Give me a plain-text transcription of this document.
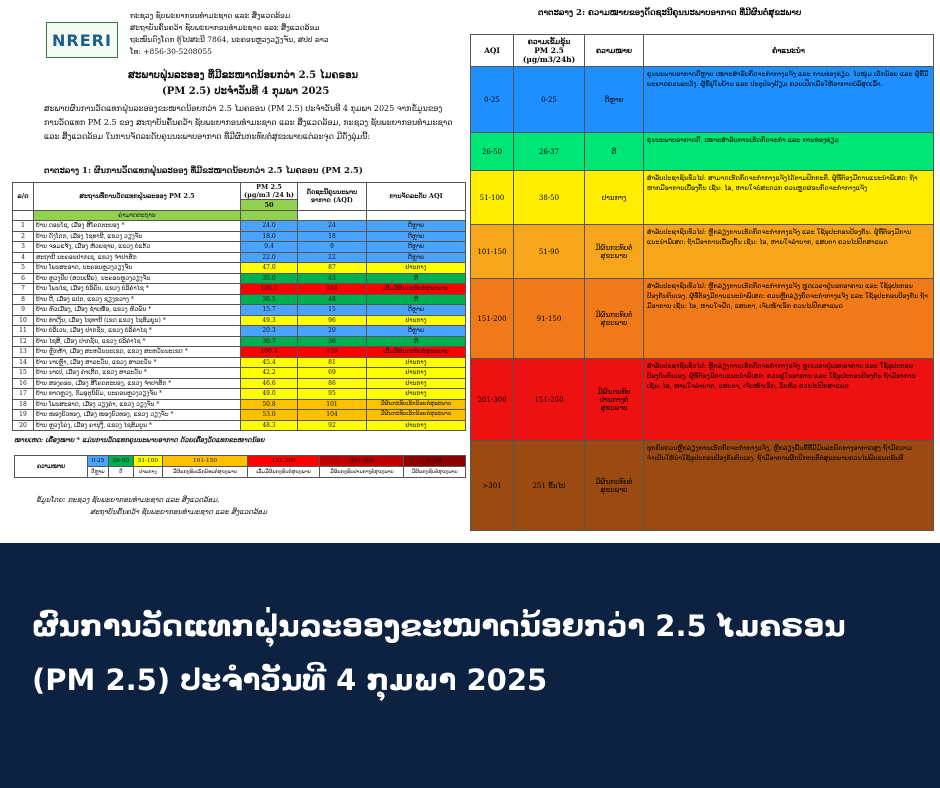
NRERI
ກະຊວງ ຊັບພະຍາກອນທຳມະຊາດ ແລະ ສິ່ງແວດລ້ອມ
ສະຖາບັນຄົ້ນຄວ້າ ຊັບພະຍາກອນທຳມະຊາດ ແລະ ສິ່ງແວດລ້ອມ
ຖະໜົນດົງໂດກ ຕູ້ໄປສະນີ 7864, ນະຄອນຫຼວງວຽງຈັນ, ສປປ ລາວ
ໂທ: +856-30-5208055
ສະພາບຝຸ່ນລະອອງ ທີ່ມີຂະໜາດນ້ອຍກວ່າ 2.5 ໄມຄຣອນ
(PM 2.5) ປະຈຳວັນທີ 4 ກຸມພາ 2025
ສະພາບຜົນການວັດແທກຝຸ່ນລະອອງຂະໜາດນ້ອຍກວ່າ 2.5 ໄມຄຣອນ (PM 2.5) ປະຈຳວັນທີ 4 ກຸມພາ 2025 ຈາກຂໍ້ມູນຂອງ ການວັດແທກ PM 2.5 ຂອງ ສະຖາບັນຄົ້ນຄວ້າ ຊັບພະຍາກອນທຳມະຊາດ ແລະ ສິ່ງແວດລ້ອມ, ກະຊວງ ຊັບພະຍາກອນທຳມະຊາດ ແລະ ສິ່ງແວດລ້ອມ ໃນການຈັດລະດັບຄຸນນະພາບອາກາດ ທີ່ມີຜົນກະທົບຕໍ່ສຸຂະພາບແຕ່ລະຈຸດ ມີດັ່ງລຸ່ມນີ້:
ຕາຕະລາງ 1: ຜົນການວັດແທກຝຸ່ນລະອອງ ທີ່ມີຂະໜາດນ້ອຍກວ່າ 2.5 ໄມຄຣອນ (PM 2.5)
ລ/ດ	ສະຖານທີ່ການວັດແທກຝຸ່ນລະອອງ PM 2.5	PM 2.5
(µg/m3 /24 h)	ດັດຊະນີຄຸນນະພາບອາກາດ (AQI)	ການຈັດລະດັບ AQI
		50		
	ຄ່າມາດຕະຖານ			
1	ບ້ານ ດອນໂຊ, ເມືອງ ສີໂຄດຕະບອງ *	24.0	24	ດີຫຼາຍ
2	ບ້ານ ດົງໂດກ, ເມືອງ ໄຊທານີ, ແຂວງ ວຽງຈັນ	18.0	18	ດີຫຼາຍ
3	ບ້ານ ຈອມແຈ້ງ, ເມືອງ ຫ້ວຍຊາຍ, ແຂວງ ບໍ່ແກ້ວ	9.4	9	ດີຫຼາຍ
4	ສະຖານີ ນະຄອນປາກເຊ, ແຂວງ ຈຳປາສັກ	22.0	22	ດີຫຼາຍ
5	ບ້ານ ໂພນສະອາດ, ນະຄອນຫຼວງວຽງຈັນ	47.0	87	ປານກາງ
6	ບ້ານ ຫຼວງປັບ (ສວນເພີ້ຍ), ນະຄອນຫຼວງວຽງຈັນ	35.0	43	ດີ
7	ບ້ານ ໂພນໄຊ, ເມືອງ ບໍລິຄັນ, ແຂວງ ບໍລິຄຳໄຊ *	106.5	164	ເລີ່ມມີຜົນກະທົບຕໍ່ສຸຂະພາບ
8	ບ້ານ ດີ, ເມືອງ ແປກ, ແຂວງ ຊຽງຂວາງ *	36.5	48	ດີ
9	ບ້ານ ຫົວເມືອງ, ເມືອງ ຊຳເໜືອ, ແຂວງ ຫົວພັນ *	15.7	15	ດີຫຼາຍ
10	ບ້ານ ທ່າເງິນ, ເມືອງ ໄຊທານີ (ເຂດ ແຂວງ ໄຊສົມບູນ) *	49.3	96	ປານກາງ
11	ບ້ານ ບໍລິເວນ, ເມືອງ ປາກຊັນ, ແຂວງ ບໍລິຄຳໄຊ *	20.3	20	ດີຫຼາຍ
12	ບ້ານ ໄຊສີ, ເມືອງ ປາກຊັນ, ແຂວງ ບໍລິຄຳໄຊ *	30.7	36	ດີ
13	ບ້ານ ຫຼັກຫ້າ, ເມືອງ ສະຫວັນນະເຂດ, ແຂວງ ສະຫວັນນະເຂດ *	100.4	159	ເລີ່ມມີຜົນກະທົບຕໍ່ສຸຂະພາບ
14	ບ້ານ ນາເຫຼົ່າ, ເມືອງ ສາລະວັນ, ແຂວງ ສາລະວັນ *	45.4	81	ປານກາງ
15	ບ້ານ ນາເປ, ເມືອງ ຄຳເກີດ, ແຂວງ ສາລະວັນ *	42.2	69	ປານກາງ
16	ບ້ານ ສອງຄອນ, ເມືອງ ສີໂຄດຕະບອງ, ແຂວງ ຈຳປາສັກ *	46.6	86	ປານກາງ
17	ບ້ານ ທາດຫຼວງ, ກົມອຸຕຸນິຍົມ, ນະຄອນຫຼວງວຽງຈັນ *	49.0	95	ປານກາງ
18	ບ້ານ ໂພນສະອາດ, ເມືອງ ວຽງຄຳ, ແຂວງ ວຽງຈັນ *	50.8	101	ມີຜົນກະທົບເລັກນ້ອຍຕໍ່ສຸຂະພາບ
19	ບ້ານ ໜອງບົວທອງ, ເມືອງ ໜອງບົວທອງ, ແຂວງ ວຽງຈັນ *	53.0	104	ມີຜົນກະທົບເລັກນ້ອຍຕໍ່ສຸຂະພາບ
20	ບ້ານ ຫຼວງໂຄ່ງ, ເມືອງ ຄານຸງີ, ແຂວງ ໄຊສົມບູນ *	48.3	92	ປານກາງ
ໝາຍເຫດ: ເຄື່ອງໝາຍ * ແມ່ນການວັດແທກຄຸນນະພາບອາກາດ ດ້ວຍເຄື່ອງວັດແທກຂະໜາດນ້ອຍ
ຄວາມໝາຍ	0-25	26-50	51-100	101-150	151-200	201-300	>301
	ດີຫຼາຍ	ດີ	ປານກາງ	ມີຜົນກະທົບເລັກນ້ອຍຕໍ່ສຸຂະພາບ	ເລີ່ມມີຜົນກະທົບຕໍ່ສຸຂະພາບ	ມີຜົນກະທົບປານກາງຕໍ່ສຸຂະພາບ	ມີຜົນກະທົບຕໍ່ສຸຂະພາບ
ຂໍ້ມູນໂດຍ: ກະຊວງ ຊັບພະຍາກອນທຳມະຊາດ ແລະ ສິ່ງແວດລ້ອມ,
ສະຖາບັນຄົ້ນຄວ້າ ຊັບພະຍາກອນທຳມະຊາດ ແລະ ສິ່ງແວດລ້ອມ
ຕາຕະລາງ 2: ຄວາມໝາຍຂອງດັດຊະນີຄຸນນະພາບອາກາດ ທີ່ມີຜົນຕໍ່ສຸຂະພາບ
AQI	ຄວາມເຂັ້ມຂຸ້ນ
PM 2.5
(µg/m3/24h)	ຄວາມໝາຍ	ຄຳແນະນຳ
0-25	0-25	ດີຫຼາຍ	ຄຸນນະພາບອາກາດດີຫຼາຍ ເໝາະສຳລັບກິດຈະກຳກາງແຈ້ງ ແລະ ການທ່ອງທ່ຽວ. ໄວໜຸ່ມ ເດັກນ້ອຍ ແລະ ຜູ້ທີ່ມີພະຍາດຄວນລະວັງ. ຜູ້ທີ່ຢູ່ໃນບ້ານ ແລະ ປະຕູປ່ອງຢ້ຽມ ຄວນເປີດເພື່ອໃຫ້ອາກາດບໍລິສຸດເຂົ້າ.
26-50	26-37	ດີ	ຄຸນນະພາບອາກາດດີ, ເໝາະສຳລັບການເຮັດກິດຈະກຳ ແລະ ການທ່ອງທ່ຽວ
51-100	38-50	ປານກາງ	ສຳລັບປະຊາຊົນທົ່ວໄປ: ສາມາດເຮັດກິດຈະກຳກາງແຈ້ງໄດ້ຕາມປົກກະຕິ. ຜູ້ທີ່ຕ້ອງມີການແນະນຳພິເສດ: ຖ້າຫາກມີອາການເບື້ອງຕົ້ນ ເຊັ່ນ: ໄອ, ຫາຍໃຈບໍ່ສະດວກ ຄວນຫຼຸດຜ່ອນກິດຈະກຳກາງແຈ້ງ
101-150	51-90	ມີຜົນກະທົບຕໍ່ສຸຂະພາບ	ສຳລັບປະຊາຊົນທົ່ວໄປ: ຫຼີກລ່ຽງການເຮັດກິດຈະກຳກາງແຈ້ງ ແລະ ໃຊ້ອຸປະກອນປ້ອງກັນ. ຜູ້ທີ່ຕ້ອງມີການແນະນຳພິເສດ: ຖ້າມີອາການເບື້ອງຕົ້ນ ເຊັ່ນ: ໄອ, ຫາຍໃຈລຳບາກ, ແສບຕາ ຄວນໄປປຶກສາແພດ
151-200	91-150	ມີຜົນກະທົບຕໍ່ສຸຂະພາບ	ສຳລັບປະຊາຊົນທົ່ວໄປ: ຫຼີກລ່ຽງການເຮັດກິດຈະກຳກາງແຈ້ງ ຫຼຸດເວລາຢູ່ນອກອາຄານ ແລະ ໃຊ້ອຸປະກອນປ້ອງກັນຕົນເອງ. ຜູ້ທີ່ຕ້ອງມີການແນະນຳພິເສດ: ຄວນຫຼີກລ່ຽງກິດຈະກຳກາງແຈ້ງ ແລະ ໃຊ້ອຸປະກອນປ້ອງກັນ ຖ້າມີອາການ ເຊັ່ນ: ໄອ, ຫາຍໃຈຝືດ, ແສບຕາ, ເຈັບໜ້າເອິກ ຄວນໄປປຶກສາແພດ
201-300	151-250	ມີຜົນກະທົບປານກາງຕໍ່ສຸຂະພາບ	ສຳລັບປະຊາຊົນທົ່ວໄປ: ຫຼີກລ່ຽງການເຮັດກິດຈະກຳກາງແຈ້ງ ຫຼຸດເວລາຢູ່ນອກອາຄານ ແລະ ໃຊ້ອຸປະກອນປ້ອງກັນຕົນເອງ. ຜູ້ທີ່ຕ້ອງມີການແນະນຳພິເສດ: ຄວນຢູ່ໃນອາຄານ ແລະ ໃຊ້ອຸປະກອນປ້ອງກັນ ຖ້າມີອາການ ເຊັ່ນ: ໄອ, ຫາຍໃຈລຳບາກ, ແສບຕາ, ເຈັບໜ້າເອິກ, ວິນຫົວ ຄວນໄປປຶກສາແພດ
>301	251 ຂຶ້ນໄປ	ມີຜົນກະທົບຕໍ່ສຸຂະພາບ	ທຸກຄົນຄວນຫຼີກລ່ຽງການເຮັດກິດຈະກຳກາງແຈ້ງ, ຫຼີກລ່ຽງພື້ນທີ່ທີ່ມີມົນລະພິດທາງອາກາດສູງ ຖ້າມີຄວາມຈຳເປັນໃຫ້ນຳໃຊ້ອຸປະກອນປ້ອງກັນຕົນເອງ. ຖ້າມີອາການຜິດປົກກະຕິຕໍ່ສຸຂະພາບຄວນໄປພົບແພດທັນທີ
ຜົນການວັດແທກຝຸ່ນລະອອງຂະໜາດນ້ອຍກວ່າ 2.5 ໄມຄຣອນ (PM 2.5) ປະຈຳວັນທີ 4 ກຸມພາ 2025
